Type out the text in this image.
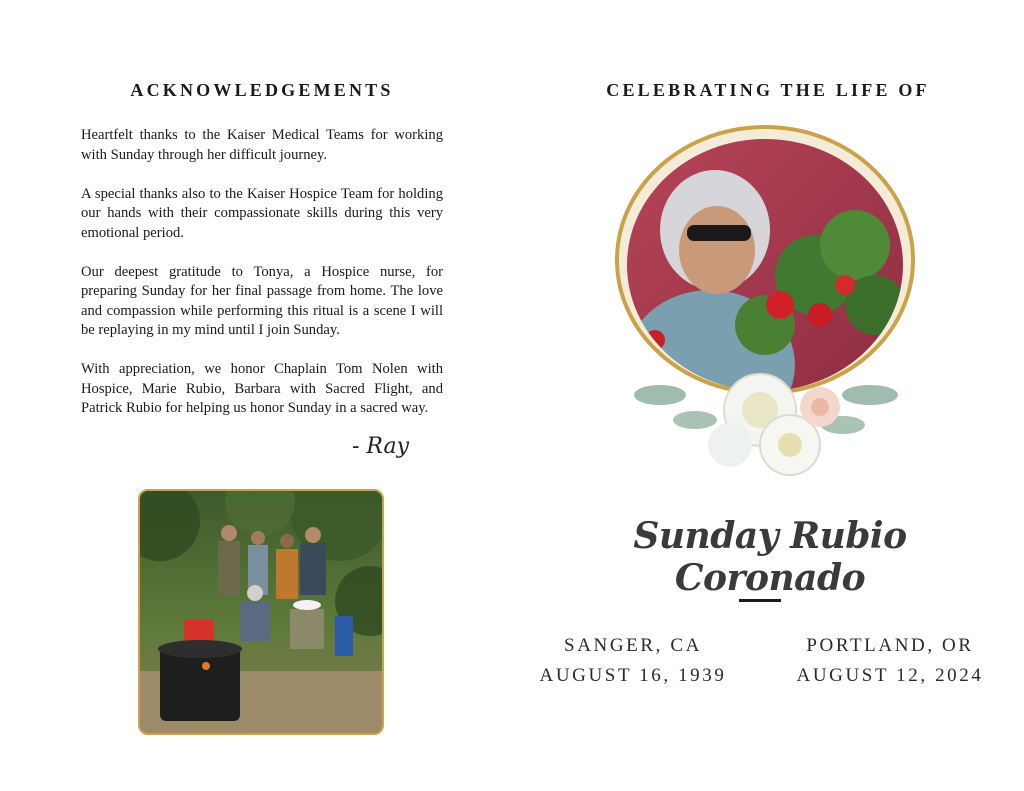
ACKNOWLEDGEMENTS

Heartfelt thanks to the Kaiser Medical Teams for working with Sunday through her difficult journey.

A special thanks also to the Kaiser Hospice Team for holding our hands with their compassionate skills during this very emotional period.

Our deepest gratitude to Tonya, a Hospice nurse, for preparing Sunday for her final passage from home. The love and compassion while performing this ritual is a scene I will be replaying in my mind until I join Sunday.

With appreciation, we honor Chaplain Tom Nolen with Hospice, Marie Rubio, Barbara with Sacred Flight, and Patrick Rubio for helping us honor Sunday in a sacred way.

- Ray
CELEBRATING THE LIFE OF
Sunday Rubio Coronado
SANGER, CA
AUGUST 16, 1939
PORTLAND, OR
AUGUST 12, 2024
